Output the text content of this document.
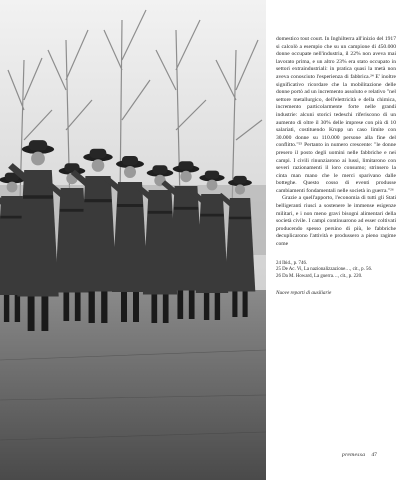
domestico tout court. In Inghilterra all'inizio del 1917 si calcolò a esempio che su un campione di 450.000 donne occupate nell'industria, il 22% non aveva mai lavorato prima, e un altro 23% era stato occupato in settori extraindustriali: in pratica quasi la metà non aveva conosciuto l'esperienza di fabbrica.²⁴ E' inoltre significativo ricordare che la mobilitazione delle donne portò ad un incremento assoluto e relativo "nel settore metallurgico, dell'elettricità e della chimica, incremento particolarmente forte nelle grandi industrie: alcuni storici tedeschi riferiscono di un aumento di oltre il 30% delle imprese con più di 10 salariati, costituendo Krupp un caso limite con 30.000 donne su 110.000 persone alla fine del conflitto."²⁵ Pertanto in numero crescente: "le donne presero il posto degli uomini nelle fabbriche e nei campi. I civili rinunziarono ai lussi, limitarono con severi razionamenti il loro consumo; strinsero la cinta man mano che le merci sparivano dalle botteghe. Questo cosso di eventi produsse cambiamenti fondamentali nelle società in guerra."²⁶

Grazie a quell'apporto, l'economia di tutti gli Stati belligeranti riuscì a sostenere le immense esigenze militari, e i non meno gravi bisogni alimentari della società civile. I campi continuarono ad esser coltivati producendo spesso persino di più, le fabbriche decuplicarono l'attività e produssero a pieno ragime come

24 Ibid., p. 746.
25 De Ac. Vi, La nazionalizzazione…, cit., p. 56.
26 Da M. Howard, La guerra…, cit., p. 220.
Nuove reparti di ausiliarie
premessa 47
